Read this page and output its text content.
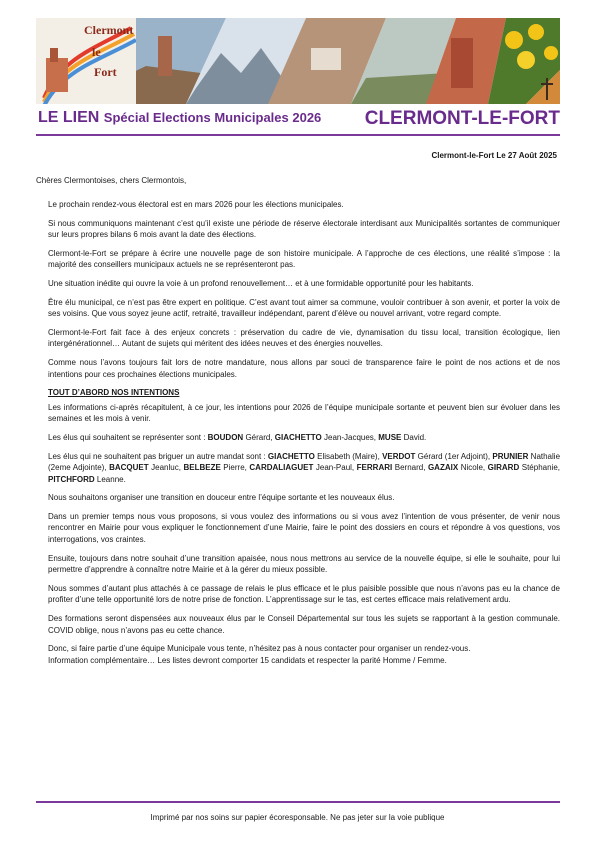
Clermont
le
Fort
LE LIEN Spécial Elections Municipales 2026 CLERMONT-LE-FORT
Clermont-le-Fort Le 27 Août 2025
Chères Clermontoises, chers Clermontois,

Le prochain rendez-vous électoral est en mars 2026 pour les élections municipales.

Si nous communiquons maintenant c’est qu’il existe une période de réserve électorale interdisant aux Municipalités sortantes de communiquer sur leurs propres bilans 6 mois avant la date des élections.

Clermont-le-Fort se prépare à écrire une nouvelle page de son histoire municipale. A l’approche de ces élections, une réalité s’impose : la majorité des conseillers municipaux actuels ne se représenteront pas.

Une situation inédite qui ouvre la voie à un profond renouvellement… et à une formidable opportunité pour les habitants.

Être élu municipal, ce n’est pas être expert en politique. C’est avant tout aimer sa commune, vouloir contribuer à son avenir, et porter la voix de ses voisins. Que vous soyez jeune actif, retraité, travailleur indépendant, parent d’élève ou nouvel arrivant, votre regard compte.

Clermont-le-Fort fait face à des enjeux concrets : préservation du cadre de vie, dynamisation du tissu local, transition écologique, lien intergénérationnel… Autant de sujets qui méritent des idées neuves et des énergies nouvelles.

Comme nous l’avons toujours fait lors de notre mandature, nous allons par souci de transparence faire le point de nos actions et de nos intentions pour ces prochaines élections municipales.

TOUT D’ABORD NOS INTENTIONS

Les informations ci-après récapitulent, à ce jour, les intentions pour 2026 de l’équipe municipale sortante et peuvent bien sur évoluer dans les semaines et les mois à venir.

Les élus qui souhaitent se représenter sont : BOUDON Gérard, GIACHETTO Jean-Jacques, MUSE David.

Les élus qui ne souhaitent pas briguer un autre mandat sont : GIACHETTO Elisabeth (Maire), VERDOT Gérard (1er Adjoint), PRUNIER Nathalie (2eme Adjointe), BACQUET Jeanluc, BELBEZE Pierre, CARDALIAGUET Jean-Paul, FERRARI Bernard, GAZAIX Nicole, GIRARD Stéphanie, PITCHFORD Leanne.

Nous souhaitons organiser une transition en douceur entre l’équipe sortante et les nouveaux élus.

Dans un premier temps nous vous proposons, si vous voulez des informations ou si vous avez l’intention de vous présenter, de venir nous rencontrer en Mairie pour vous expliquer le fonctionnement d’une Mairie, faire le point des dossiers en cours et répondre à vos questions, vos interrogations, vos craintes.

Ensuite, toujours dans notre souhait d’une transition apaisée, nous nous mettrons au service de la nouvelle équipe, si elle le souhaite, pour lui permettre d’apprendre à connaître notre Mairie et à la gérer du mieux possible.

Nous sommes d’autant plus attachés à ce passage de relais le plus efficace et le plus paisible possible que nous n’avons pas eu la chance de profiter d’une telle opportunité lors de notre prise de fonction. L’apprentissage sur le tas, est certes efficace mais relativement ardu.

Des formations seront dispensées aux nouveaux élus par le Conseil Départemental sur tous les sujets se rapportant à la gestion communale. COVID oblige, nous n’avons pas eu cette chance.

Donc, si faire partie d’une équipe Municipale vous tente, n’hésitez pas à nous contacter pour organiser un rendez-vous.

Information complémentaire… Les listes devront comporter 15 candidats et respecter la parité Homme / Femme.

Imprimé par nos soins sur papier écoresponsable. Ne pas jeter sur la voie publique
